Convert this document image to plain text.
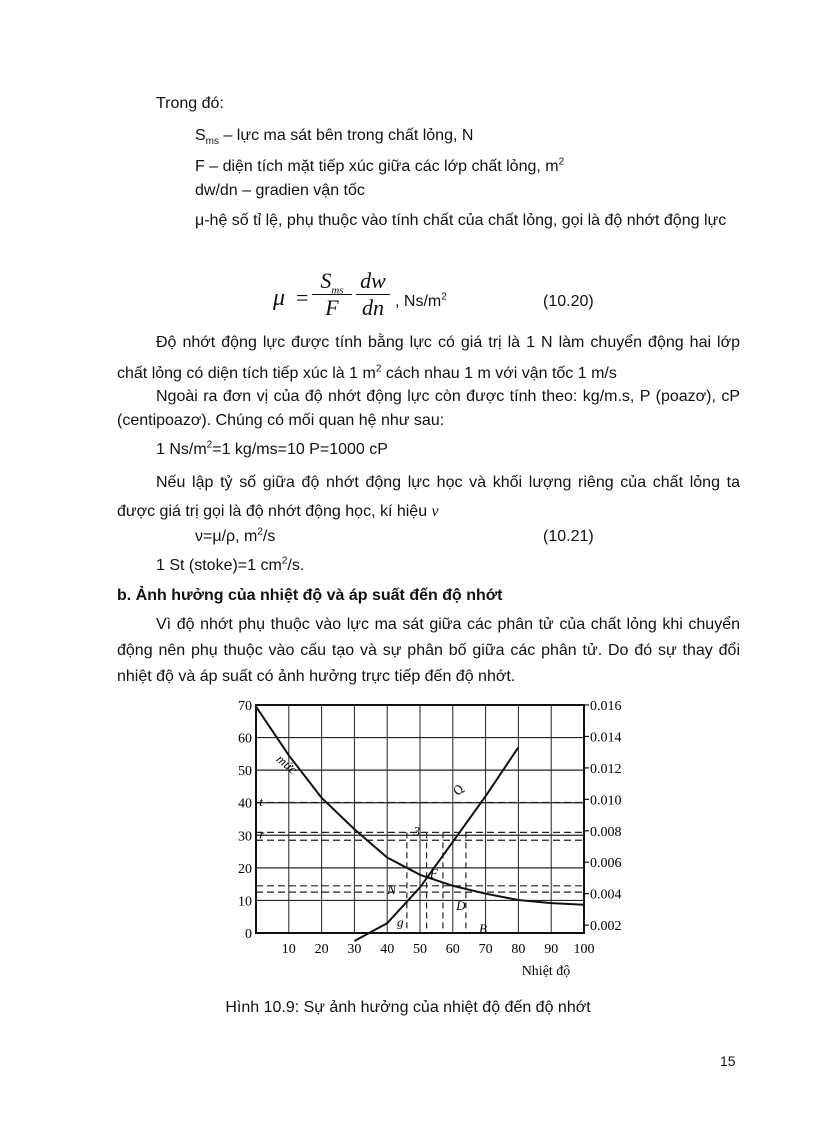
Trong đó:
$S_{ms}$ – lực ma sát bên trong chất lỏng, N
F – diện tích mặt tiếp xúc giữa các lớp chất lỏng, $m^2$
dw/dn – gradien vận tốc
μ-hệ số tỉ lệ, phụ thuộc vào tính chất của chất lỏng, gọi là độ nhớt động lực
μ =
$S_{ms}$
F
dw
dn , $Ns/m^2$	(10.20)

Độ nhớt động lực được tính bằng lực có giá trị là 1 N làm chuyển động hai lớp chất lỏng có diện tích tiếp xúc là 1 $m^2$ cách nhau 1 m với vận tốc 1 m/s

Ngoài ra đơn vị của độ nhớt động lực còn được tính theo: kg/m.s, P (poazơ), cP (centipoazơ). Chúng có mối quan hệ như sau:

1 $Ns/m^2=1$ kg/ms=10 P=1000 cP

Nếu lập tỷ số giữa độ nhớt động lực học và khối lượng riêng của chất lỏng ta được giá trị gọi là độ nhớt động học, kí hiệu ν

ν=μ/ρ, $m^2/s$	(10.21)
1 St (stoke)=1 $cm^2/s$.
b. Ảnh hưởng của nhiệt độ và áp suất đến độ nhớt

Vì độ nhớt phụ thuộc vào lực ma sát giữa các phân tử của chất lỏng khi chuyển động nên phụ thuộc vào cấu tạo và sự phân bố giữa các phân tử. Do đó sự thay đổi nhiệt độ và áp suất có ảnh hưởng trực tiếp đến độ nhớt.

70
60
50
40
30
20
10
0
0.016
0.014
0.012
0.010
0.008
0.006
0.004
0.002
10 20 30 40 50 60 70 80 90 100
t
r	3
N
F
D
B
g
mức
Q
Nhiệt độ
Hình 10.9: Sự ảnh hưởng của nhiệt độ đến độ nhớt
15
